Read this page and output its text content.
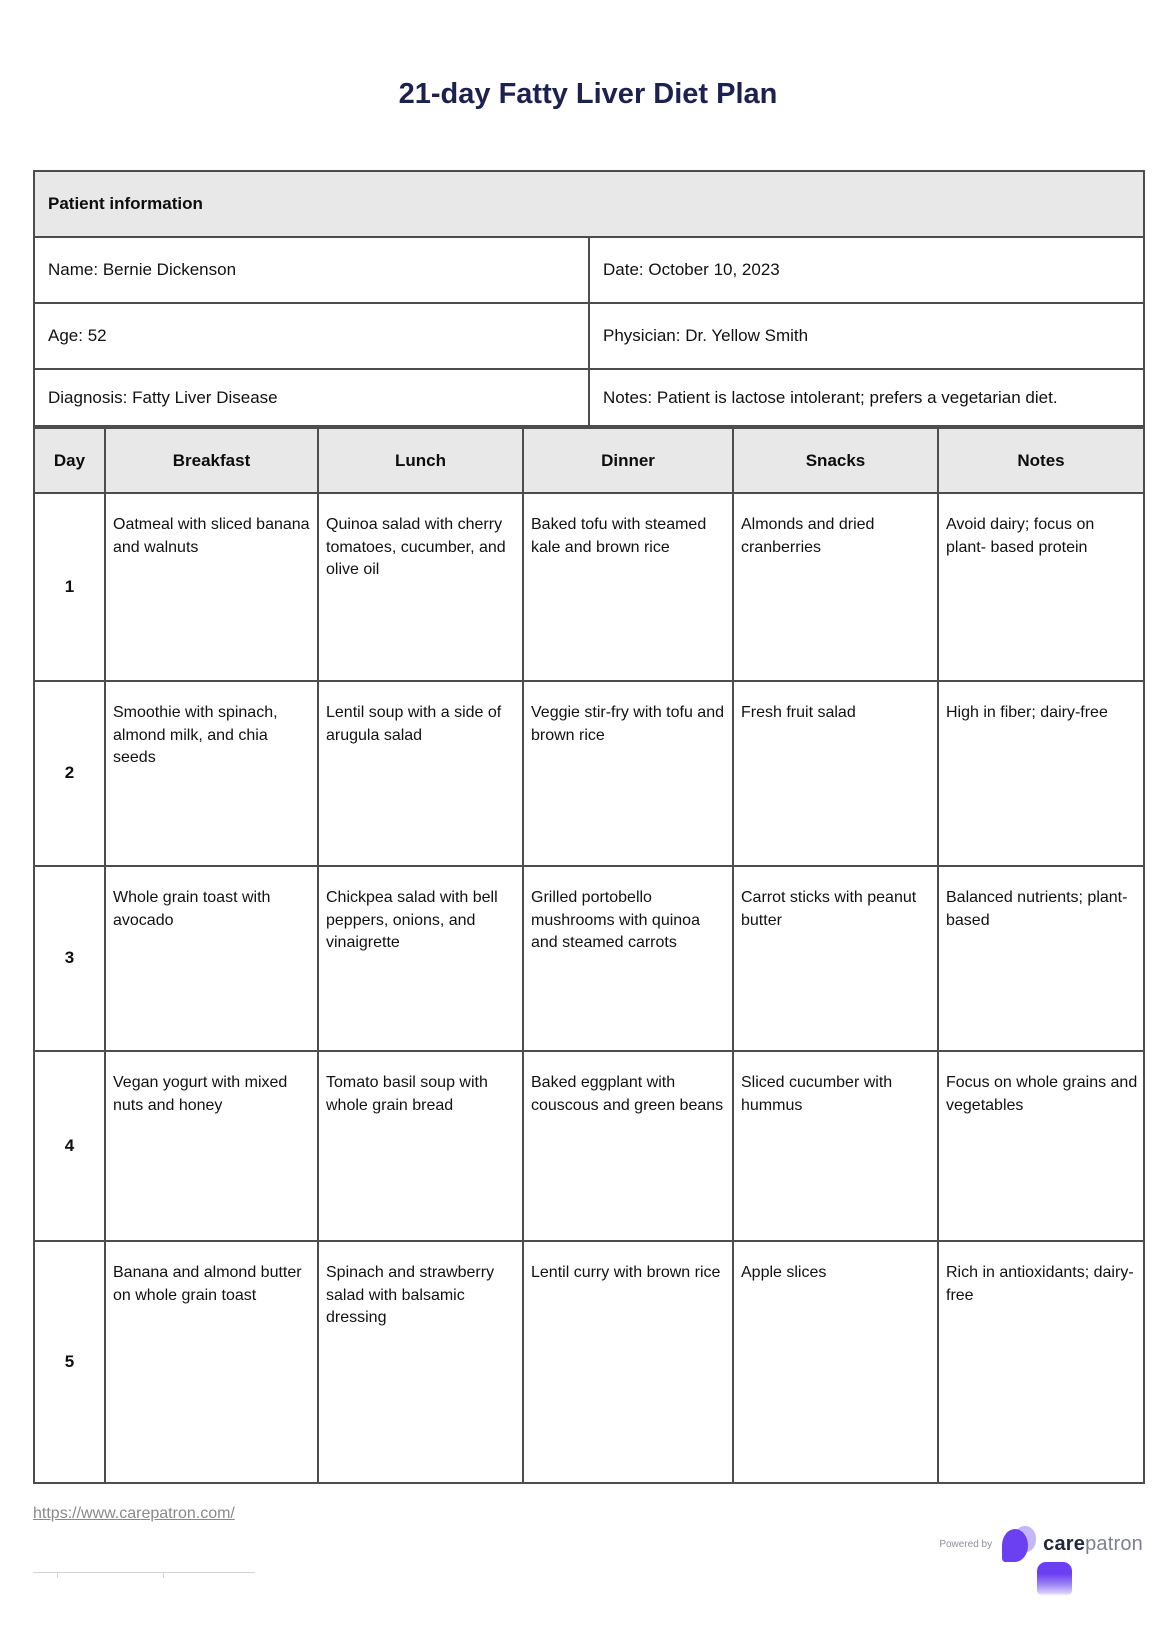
21-day Fatty Liver Diet Plan
Patient information	
Name: Bernie Dickenson	Date: October 10, 2023
Age: 52	Physician: Dr. Yellow Smith
Diagnosis: Fatty Liver Disease	Notes: Patient is lactose intolerant; prefers a vegetarian diet.
Day	Breakfast	Lunch	Dinner	Snacks	Notes
1	Oatmeal with sliced banana and walnuts	Quinoa salad with cherry tomatoes, cucumber, and olive oil	Baked tofu with steamed kale and brown rice	Almonds and dried cranberries	Avoid dairy; focus on plant- based protein
2	Smoothie with spinach, almond milk, and chia seeds	Lentil soup with a side of arugula salad	Veggie stir-fry with tofu and brown rice	Fresh fruit salad	High in fiber; dairy-free
3	Whole grain toast with avocado	Chickpea salad with bell peppers, onions, and vinaigrette	Grilled portobello mushrooms with quinoa and steamed carrots	Carrot sticks with peanut butter	Balanced nutrients; plant-based
4	Vegan yogurt with mixed nuts and honey	Tomato basil soup with whole grain bread	Baked eggplant with couscous and green beans	Sliced cucumber with hummus	Focus on whole grains and vegetables
5	Banana and almond butter on whole grain toast	Spinach and strawberry salad with balsamic dressing	Lentil curry with brown rice	Apple slices	Rich in antioxidants; dairy-free
https://www.carepatron.com/
Powered by	carepatron
